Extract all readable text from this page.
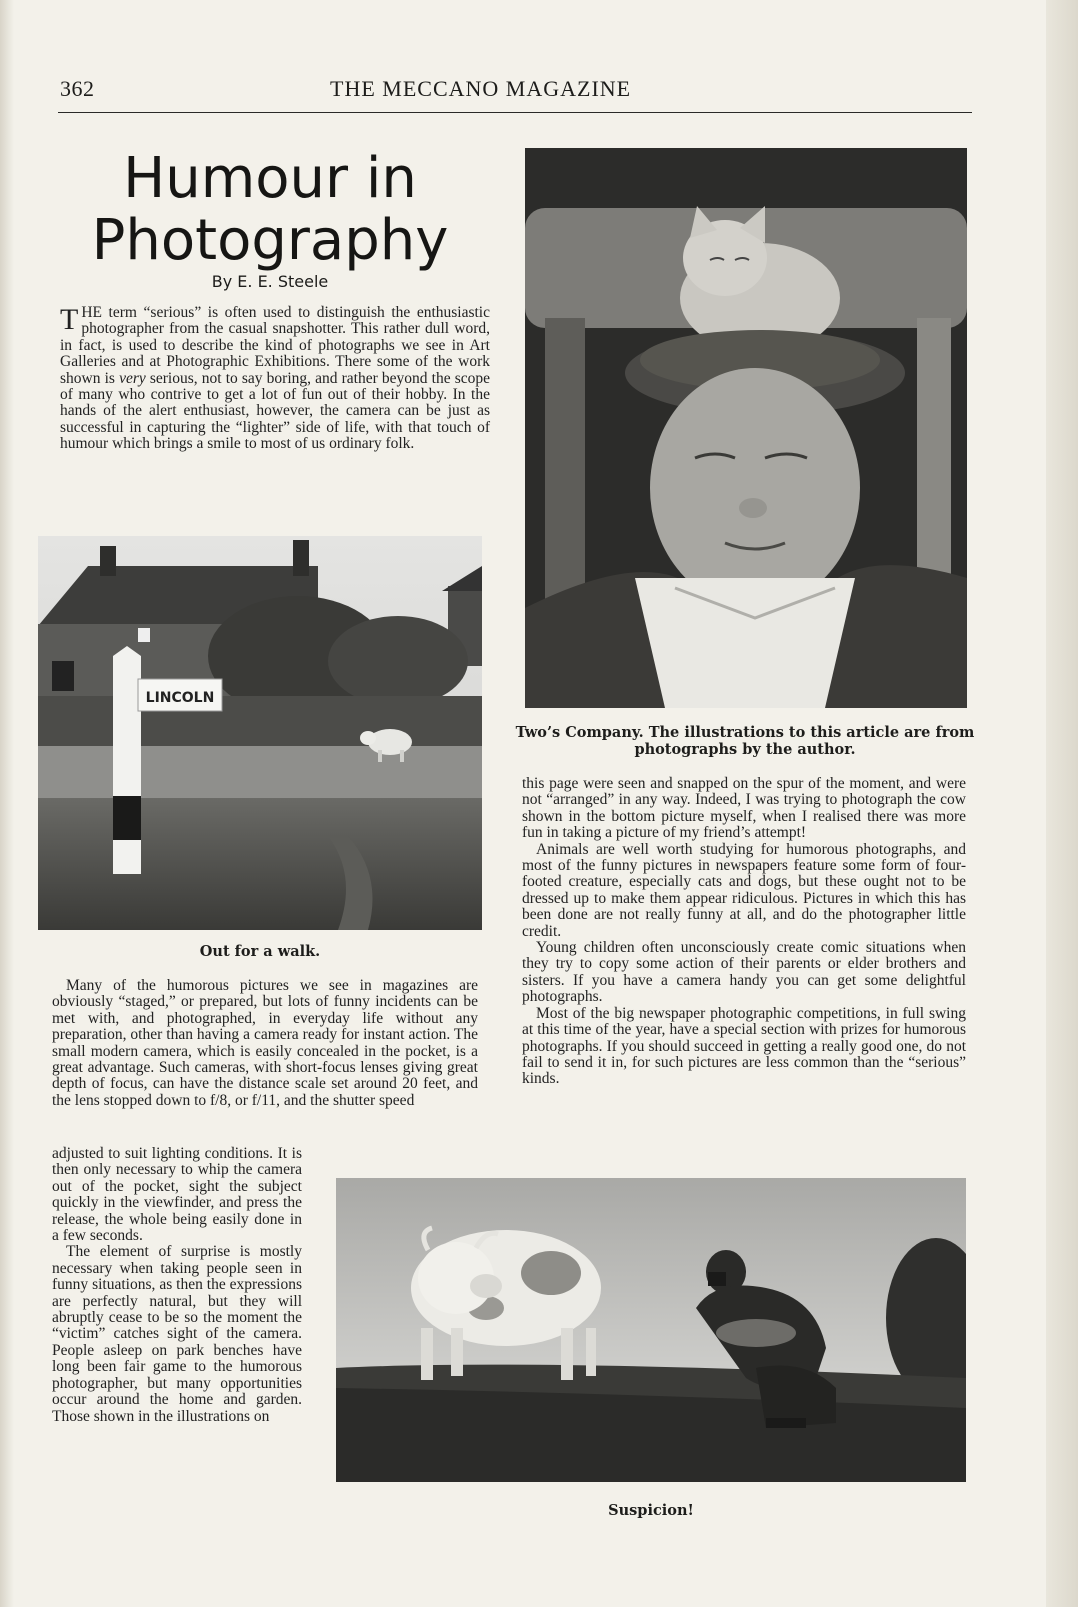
362	THE MECCANO MAGAZINE
Humour in
Photography
By E. E. Steele

THE term “serious” is often used to distinguish the enthusiastic photographer from the casual snapshotter. This rather dull word, in fact, is used to describe the kind of photographs we see in Art Galleries and at Photographic Exhibitions. There some of the work shown is very serious, not to say boring, and rather beyond the scope of many who contrive to get a lot of fun out of their hobby. In the hands of the alert enthusiast, however, the camera can be just as successful in capturing the “lighter” side of life, with that touch of humour which brings a smile to most of us ordinary folk.

LINCOLN
Out for a walk.
Two’s Company. The illustrations to this article are from photographs by the author.

this page were seen and snapped on the spur of the moment, and were not “arranged” in any way. Indeed, I was trying to photograph the cow shown in the bottom picture myself, when I realised there was more fun in taking a picture of my friend’s attempt!

Animals are well worth studying for humorous photographs, and most of the funny pictures in newspapers feature some form of four-footed creature, especially cats and dogs, but these ought not to be dressed up to make them appear ridiculous. Pictures in which this has been done are not really funny at all, and do the photographer little credit.

Young children often unconsciously create comic situations when they try to copy some action of their parents or elder brothers and sisters. If you have a camera handy you can get some delightful photographs.

Most of the big newspaper photographic competitions, in full swing at this time of the year, have a special section with prizes for humorous photographs. If you should succeed in getting a really good one, do not fail to send it in, for such pictures are less common than the “serious” kinds.

Many of the humorous pictures we see in magazines are obviously “staged,” or prepared, but lots of funny incidents can be met with, and photographed, in everyday life without any preparation, other than having a camera ready for instant action. The small modern camera, which is easily concealed in the pocket, is a great advantage. Such cameras, with short-focus lenses giving great depth of focus, can have the distance scale set around 20 feet, and the lens stopped down to f/8, or f/11, and the shutter speed

adjusted to suit lighting conditions. It is then only necessary to whip the camera out of the pocket, sight the subject quickly in the viewfinder, and press the release, the whole being easily done in a few seconds.

The element of surprise is mostly necessary when taking people seen in funny situations, as then the expressions are perfectly natural, but they will abruptly cease to be so the moment the “victim” catches sight of the camera. People asleep on park benches have long been fair game to the humorous photographer, but many opportunities occur around the home and garden. Those shown in the illustrations on

Suspicion!
